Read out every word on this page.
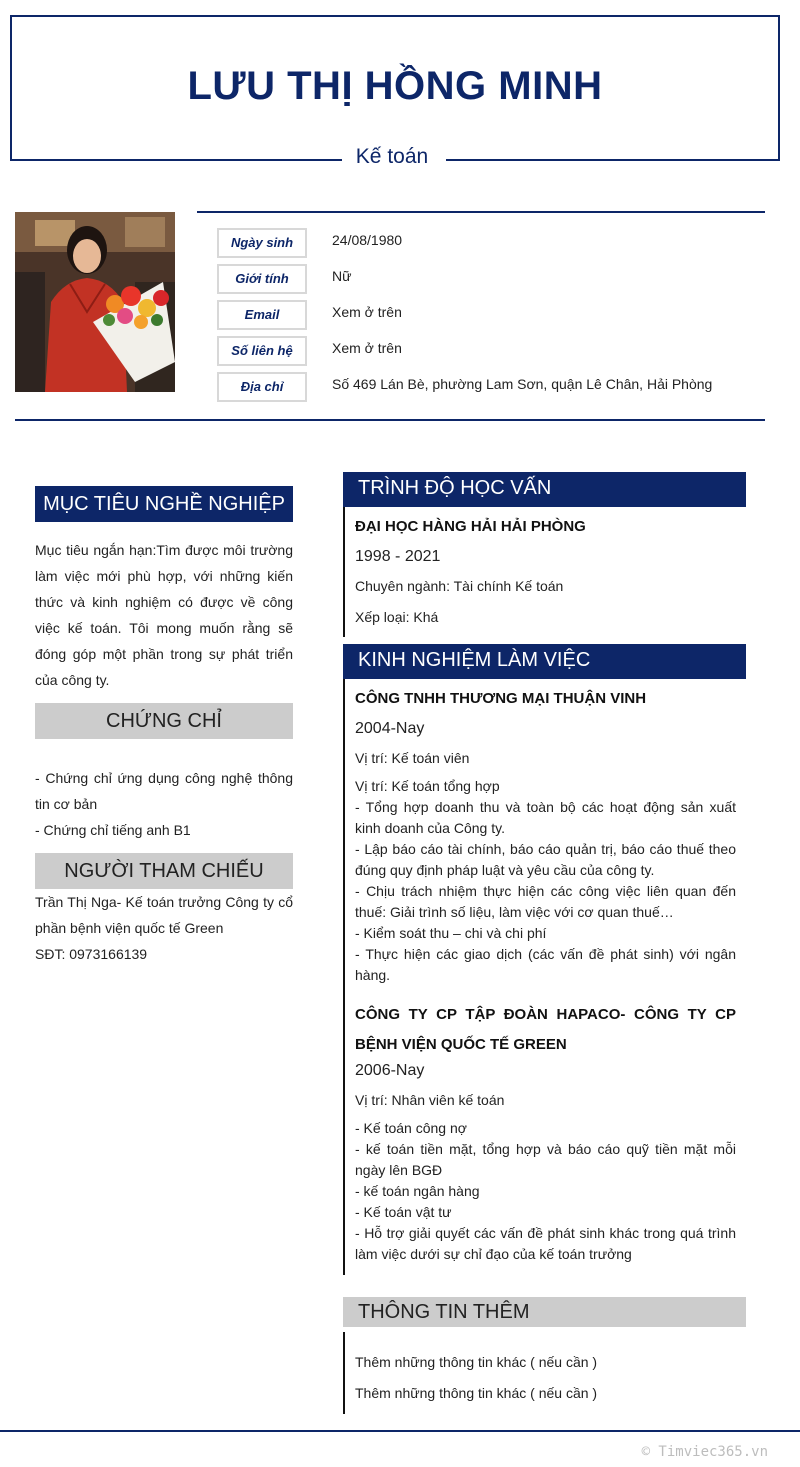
LƯU THỊ HỒNG MINH
Kế toán
Ngày sinh	24/08/1980
Giới tính	Nữ
Email	Xem ở trên
Số liên hệ	Xem ở trên
Địa chỉ	Số 469 Lán Bè, phường Lam Sơn, quận Lê Chân, Hải Phòng
MỤC TIÊU NGHỀ NGHIỆP
Mục tiêu ngắn hạn:Tìm được môi trường làm việc mới phù hợp, với những kiến thức và kinh nghiệm có được về công việc kế toán. Tôi mong muốn rằng sẽ đóng góp một phần trong sự phát triển của công ty.
CHỨNG CHỈ
- Chứng chỉ ứng dụng công nghệ thông tin cơ bản
- Chứng chỉ tiếng anh B1
NGƯỜI THAM CHIẾU
Trần Thị Nga- Kế toán trưởng Công ty cổ phần bệnh viện quốc tế Green
SĐT: 0973166139
TRÌNH ĐỘ HỌC VẤN
ĐẠI HỌC HÀNG HẢI HẢI PHÒNG
1998 - 2021
Chuyên ngành: Tài chính Kế toán
Xếp loại: Khá
KINH NGHIỆM LÀM VIỆC
CÔNG TNHH THƯƠNG MẠI THUẬN VINH
2004-Nay
Vị trí: Kế toán viên
Vị trí: Kế toán tổng hợp
- Tổng hợp doanh thu và toàn bộ các hoạt động sản xuất kinh doanh của Công ty.
- Lập báo cáo tài chính, báo cáo quản trị, báo cáo thuế theo đúng quy định pháp luật và yêu cầu của công ty.
- Chịu trách nhiệm thực hiện các công việc liên quan đến thuế: Giải trình số liệu, làm việc với cơ quan thuế…
- Kiểm soát thu – chi và chi phí
- Thực hiện các giao dịch (các vấn đề phát sinh) với ngân hàng.
CÔNG TY CP TẬP ĐOÀN HAPACO- CÔNG TY CP BỆNH VIỆN QUỐC TẾ GREEN
2006-Nay
Vị trí: Nhân viên kế toán
- Kế toán công nợ
- kế toán tiền mặt, tổng hợp và báo cáo quỹ tiền mặt mỗi ngày lên BGĐ
- kế toán ngân hàng
- Kế toán vật tư
- Hỗ trợ giải quyết các vấn đề phát sinh khác trong quá trình làm việc dưới sự chỉ đạo của kế toán trưởng
THÔNG TIN THÊM
Thêm những thông tin khác ( nếu cần )
Thêm những thông tin khác ( nếu cần )
© Timviec365.vn
